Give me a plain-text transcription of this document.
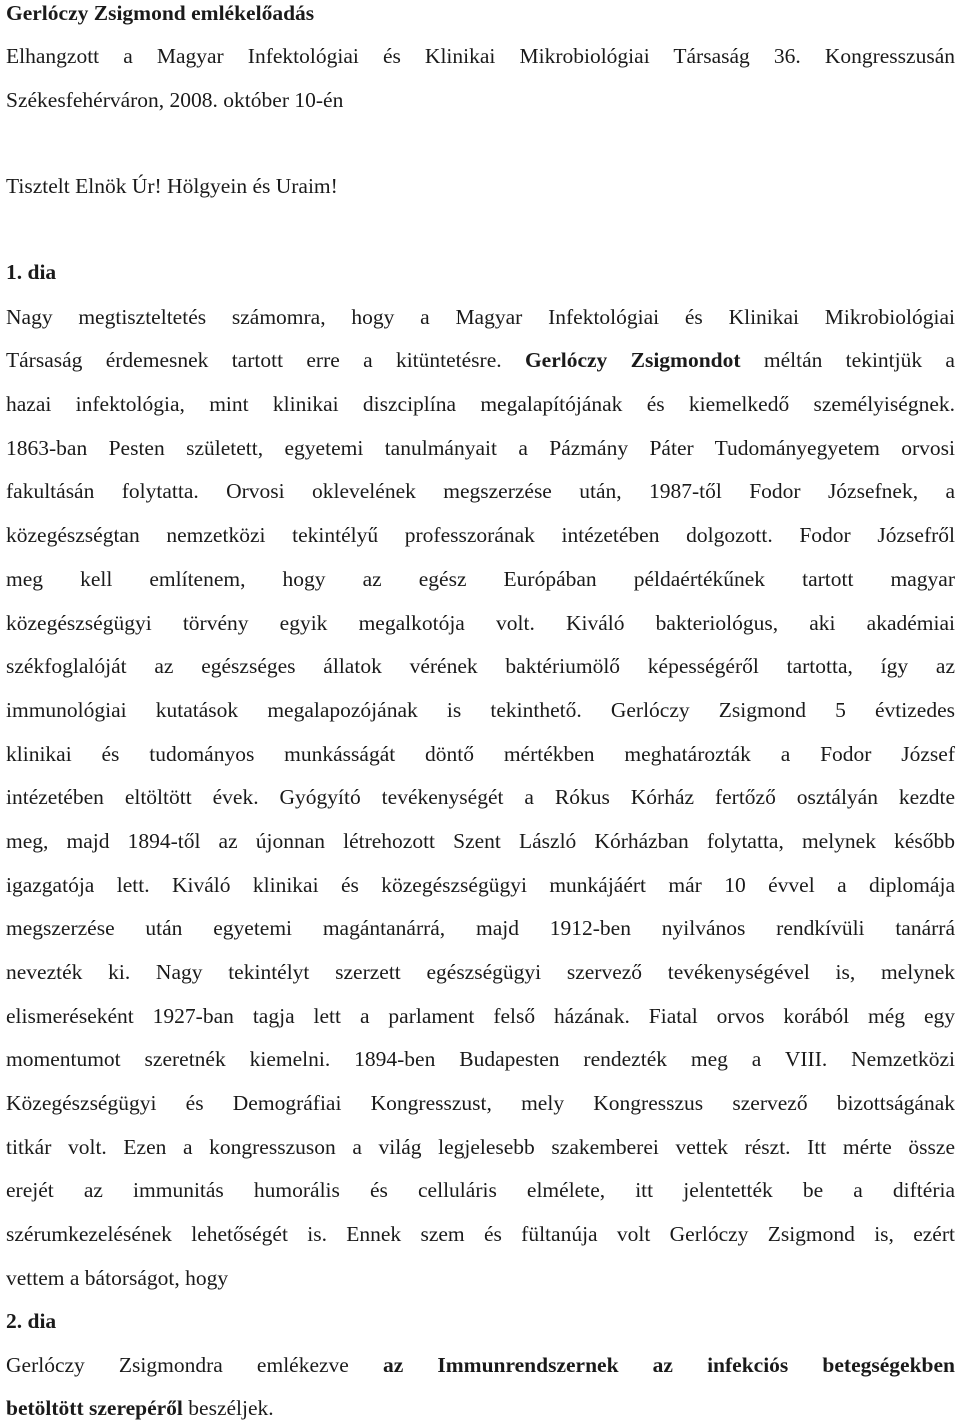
Gerlóczy Zsigmond emlékelőadás
Elhangzott a Magyar Infektológiai és Klinikai Mikrobiológiai Társaság 36. Kongresszusán
Székesfehérváron, 2008. október 10-én
Tisztelt Elnök Úr! Hölgyein és Uraim!
1. dia
Nagy megtiszteltetés számomra, hogy a Magyar Infektológiai és Klinikai Mikrobiológiai
Társaság érdemesnek tartott erre a kitüntetésre. Gerlóczy Zsigmondot méltán tekintjük a
hazai infektológia, mint klinikai diszciplína megalapítójának és kiemelkedő személyiségnek.
1863-ban Pesten született, egyetemi tanulmányait a Pázmány Páter Tudományegyetem orvosi
fakultásán folytatta. Orvosi oklevelének megszerzése után, 1987-től Fodor Józsefnek, a
közegészségtan nemzetközi tekintélyű professzorának intézetében dolgozott. Fodor Józsefről
meg kell említenem, hogy az egész Európában példaértékűnek tartott magyar
közegészségügyi törvény egyik megalkotója volt. Kiváló bakteriológus, aki akadémiai
székfoglalóját az egészséges állatok vérének baktériumölő képességéről tartotta, így az
immunológiai kutatások megalapozójának is tekinthető. Gerlóczy Zsigmond 5 évtizedes
klinikai és tudományos munkásságát döntő mértékben meghatározták a Fodor József
intézetében eltöltött évek. Gyógyító tevékenységét a Rókus Kórház fertőző osztályán kezdte
meg, majd 1894-től az újonnan létrehozott Szent László Kórházban folytatta, melynek később
igazgatója lett. Kiváló klinikai és közegészségügyi munkájáért már 10 évvel a diplomája
megszerzése után egyetemi magántanárrá, majd 1912-ben nyilvános rendkívüli tanárrá
nevezték ki. Nagy tekintélyt szerzett egészségügyi szervező tevékenységével is, melynek
elismeréseként 1927-ban tagja lett a parlament felső házának. Fiatal orvos korából még egy
momentumot szeretnék kiemelni. 1894-ben Budapesten rendezték meg a VIII. Nemzetközi
Közegészségügyi és Demográfiai Kongresszust, mely Kongresszus szervező bizottságának
titkár volt. Ezen a kongresszuson a világ legjelesebb szakemberei vettek részt. Itt mérte össze
erejét az immunitás humorális és celluláris elmélete, itt jelentették be a diftéria
szérumkezelésének lehetőségét is. Ennek szem és fültanúja volt Gerlóczy Zsigmond is, ezért
vettem a bátorságot, hogy
2. dia
Gerlóczy Zsigmondra emlékezve az Immunrendszernek az infekciós betegségekben
betöltött szerepéről beszéljek.
